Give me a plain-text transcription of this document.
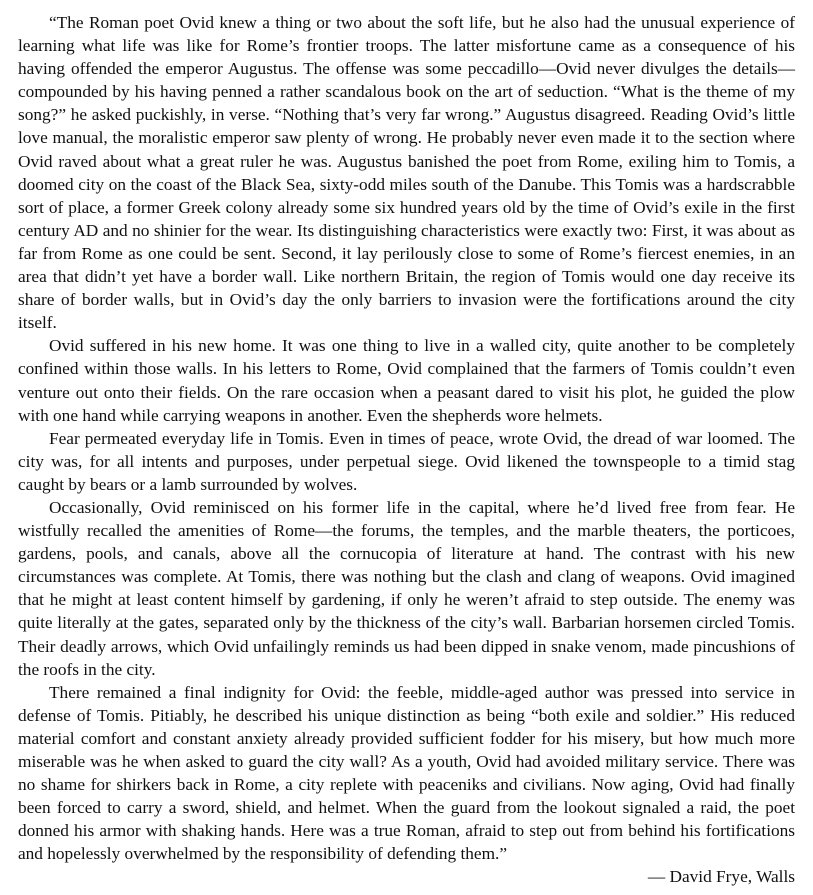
“The Roman poet Ovid knew a thing or two about the soft life, but he also had the unusual experience of learning what life was like for Rome’s frontier troops. The latter misfortune came as a consequence of his having offended the emperor Augustus. The offense was some peccadillo—Ovid never divulges the details—compounded by his having penned a rather scandalous book on the art of seduction. “What is the theme of my song?” he asked puckishly, in verse. “Nothing that’s very far wrong.” Augustus disagreed. Reading Ovid’s little love manual, the moralistic emperor saw plenty of wrong. He probably never even made it to the section where Ovid raved about what a great ruler he was. Augustus banished the poet from Rome, exiling him to Tomis, a doomed city on the coast of the Black Sea, sixty-odd miles south of the Danube. This Tomis was a hardscrabble sort of place, a former Greek colony already some six hundred years old by the time of Ovid’s exile in the first century AD and no shinier for the wear. Its distinguishing characteristics were exactly two: First, it was about as far from Rome as one could be sent. Second, it lay perilously close to some of Rome’s fiercest enemies, in an area that didn’t yet have a border wall. Like northern Britain, the region of Tomis would one day receive its share of border walls, but in Ovid’s day the only barriers to invasion were the fortifications around the city itself.

Ovid suffered in his new home. It was one thing to live in a walled city, quite another to be completely confined within those walls. In his letters to Rome, Ovid complained that the farmers of Tomis couldn’t even venture out onto their fields. On the rare occasion when a peasant dared to visit his plot, he guided the plow with one hand while carrying weapons in another. Even the shepherds wore helmets.

Fear permeated everyday life in Tomis. Even in times of peace, wrote Ovid, the dread of war loomed. The city was, for all intents and purposes, under perpetual siege. Ovid likened the townspeople to a timid stag caught by bears or a lamb surrounded by wolves.

Occasionally, Ovid reminisced on his former life in the capital, where he’d lived free from fear. He wistfully recalled the amenities of Rome—the forums, the temples, and the marble theaters, the porticoes, gardens, pools, and canals, above all the cornucopia of literature at hand. The contrast with his new circumstances was complete. At Tomis, there was nothing but the clash and clang of weapons. Ovid imagined that he might at least content himself by gardening, if only he weren’t afraid to step outside. The enemy was quite literally at the gates, separated only by the thickness of the city’s wall. Barbarian horsemen circled Tomis. Their deadly arrows, which Ovid unfailingly reminds us had been dipped in snake venom, made pincushions of the roofs in the city.

There remained a final indignity for Ovid: the feeble, middle-aged author was pressed into service in defense of Tomis. Pitiably, he described his unique distinction as being “both exile and soldier.” His reduced material comfort and constant anxiety already provided sufficient fodder for his misery, but how much more miserable was he when asked to guard the city wall? As a youth, Ovid had avoided military service. There was no shame for shirkers back in Rome, a city replete with peaceniks and civilians. Now aging, Ovid had finally been forced to carry a sword, shield, and helmet. When the guard from the lookout signaled a raid, the poet donned his armor with shaking hands. Here was a true Roman, afraid to step out from behind his fortifications and hopelessly overwhelmed by the responsibility of defending them.”

— David Frye, Walls
